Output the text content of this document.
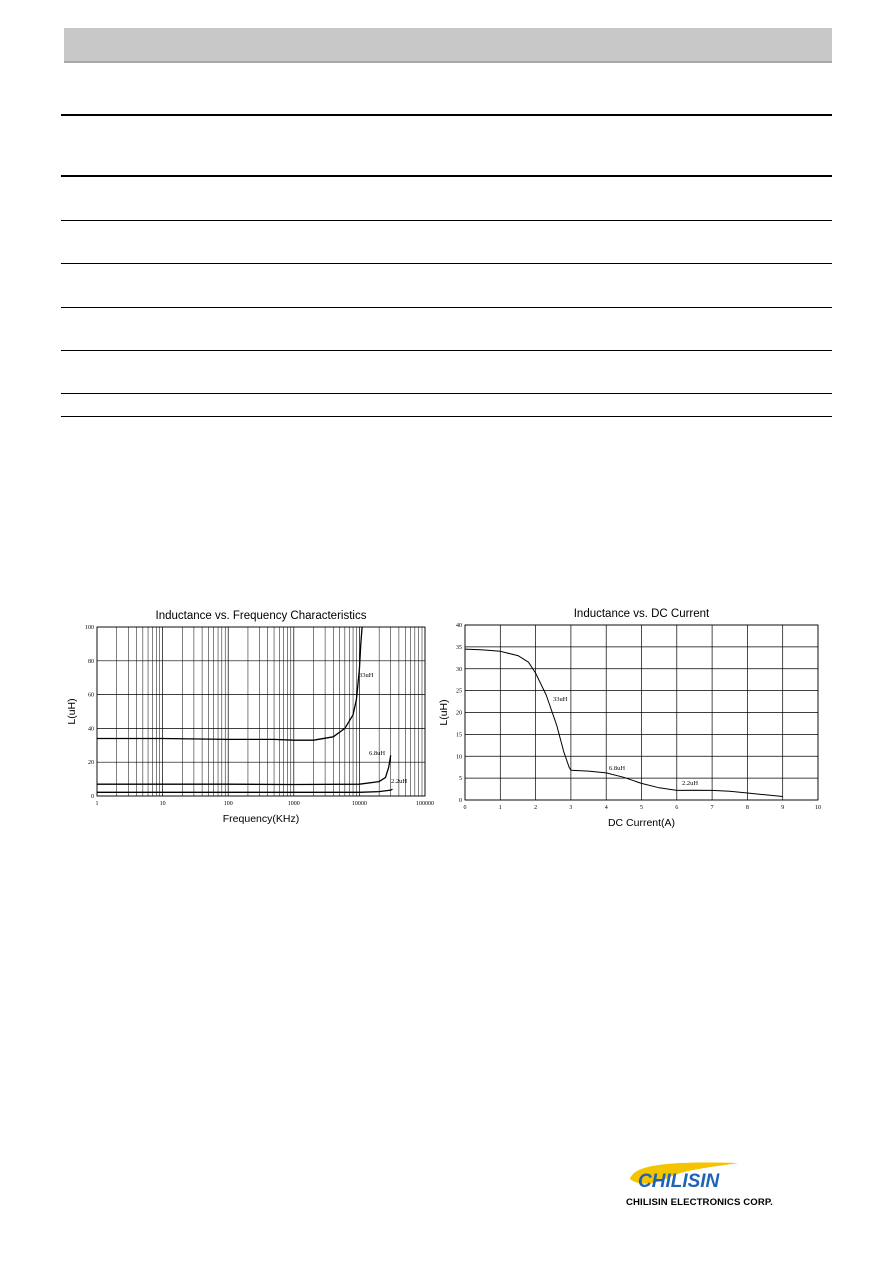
1	10	100	1000	10000	100000
0
20
40
60
80
100
Inductance vs. Frequency Characteristics
Frequency(KHz)
L(uH)
33uH
6.8uH
2.2uH
0	1	2	3	4	5	6	7	8	9	10
0
5
10
15
20
25
30
35
40
Inductance vs. DC Current
DC Current(A)
L(uH)	33uH
6.8uH
2.2uH
CHILISIN
CHILISIN ELECTRONICS CORP.
